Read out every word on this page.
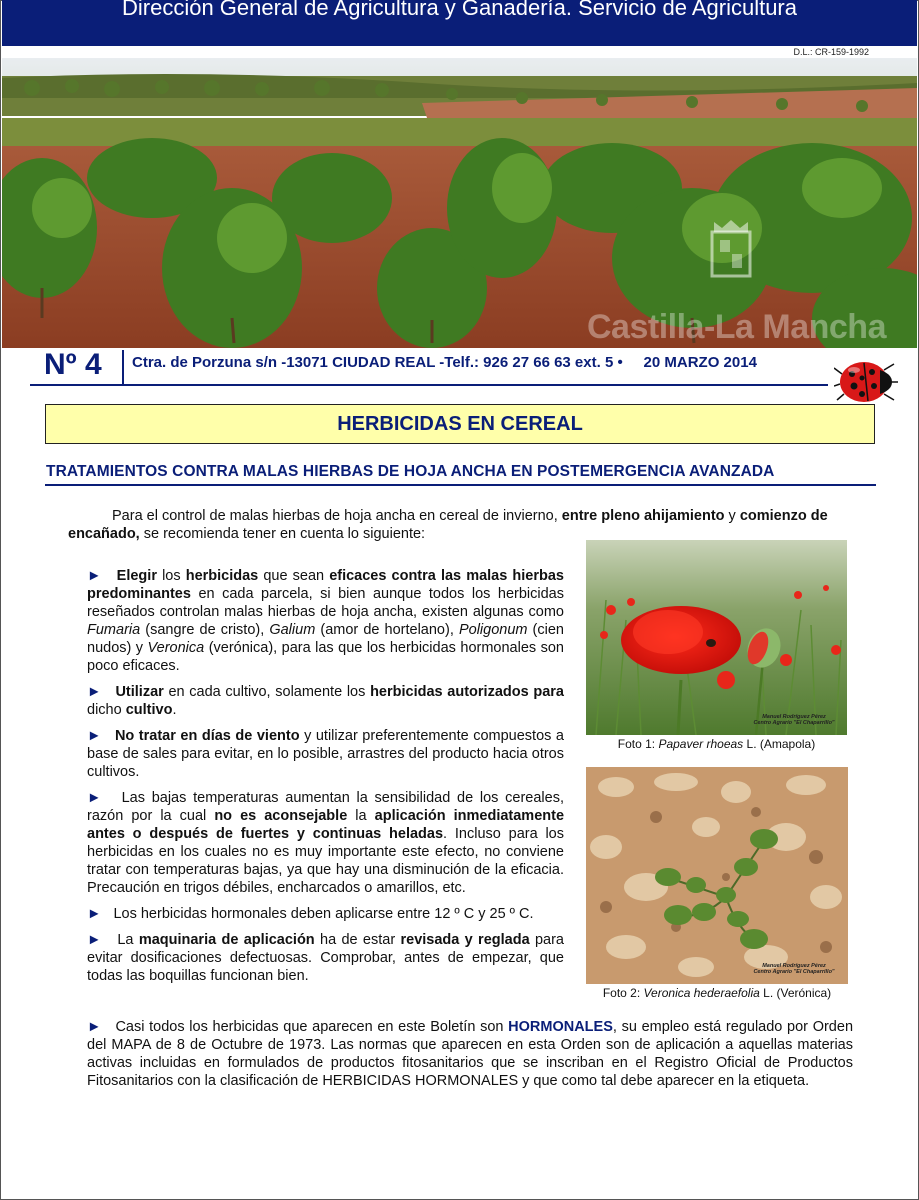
Dirección General de Agricultura y Ganadería. Servicio de Agricultura
D.L.: CR-159-1992
Castilla-La Mancha
Nº 4 Ctra. de Porzuna s/n -13071 CIUDAD REAL -Telf.: 926 27 66 63 ext. 5 •     20 MARZO 2014
HERBICIDAS EN CEREAL
TRATAMIENTOS CONTRA MALAS HIERBAS DE HOJA ANCHA EN POSTEMERGENCIA AVANZADA

Para el control de malas hierbas de hoja ancha en cereal de invierno, entre pleno ahijamiento y comienzo de encañado, se recomienda tener en cuenta lo siguiente:

► Elegir los herbicidas que sean eficaces contra las malas hierbas predominantes en cada parcela, si bien aunque todos los herbicidas reseñados controlan malas hierbas de hoja ancha, existen algunas como Fumaria (sangre de cristo), Galium (amor de hortelano), Poligonum (cien nudos) y Veronica (verónica), para las que los herbicidas hormonales son poco eficaces.

► Utilizar en cada cultivo, solamente los herbicidas autorizados para dicho cultivo.

► No tratar en días de viento y utilizar preferentemente compuestos a base de sales para evitar, en lo posible, arrastres del producto hacia otros cultivos.

► Las bajas temperaturas aumentan la sensibilidad de los cereales, razón por la cual no es aconsejable la aplicación inmediatamente antes o después de fuertes y continuas heladas. Incluso para los herbicidas en los cuales no es muy importante este efecto, no conviene tratar con temperaturas bajas, ya que hay una disminución de la eficacia. Precaución en trigos débiles, encharcados o amarillos, etc.

► Los herbicidas hormonales deben aplicarse entre 12 º C y 25 º C.

► La maquinaria de aplicación ha de estar revisada y reglada para evitar dosificaciones defectuosas. Comprobar, antes de empezar, que todas las boquillas funcionan bien.

► Casi todos los herbicidas que aparecen en este Boletín son HORMONALES, su empleo está regulado por Orden del MAPA de 8 de Octubre de 1973. Las normas que aparecen en esta Orden son de aplicación a aquellas materias activas incluidas en formulados de productos fitosanitarios que se inscriban en el Registro Oficial de Productos Fitosanitarios con la clasificación de HERBICIDAS HORMONALES y que como tal debe aparecer en la etiqueta.

Manuel Rodríguez Pérez
Centro Agrario "El Chaparrillo"
Foto 1: Papaver rhoeas L. (Amapola)
Manuel Rodríguez Pérez
Centro Agrario "El Chaparrillo"
Foto 2: Veronica hederaefolia L. (Verónica)
